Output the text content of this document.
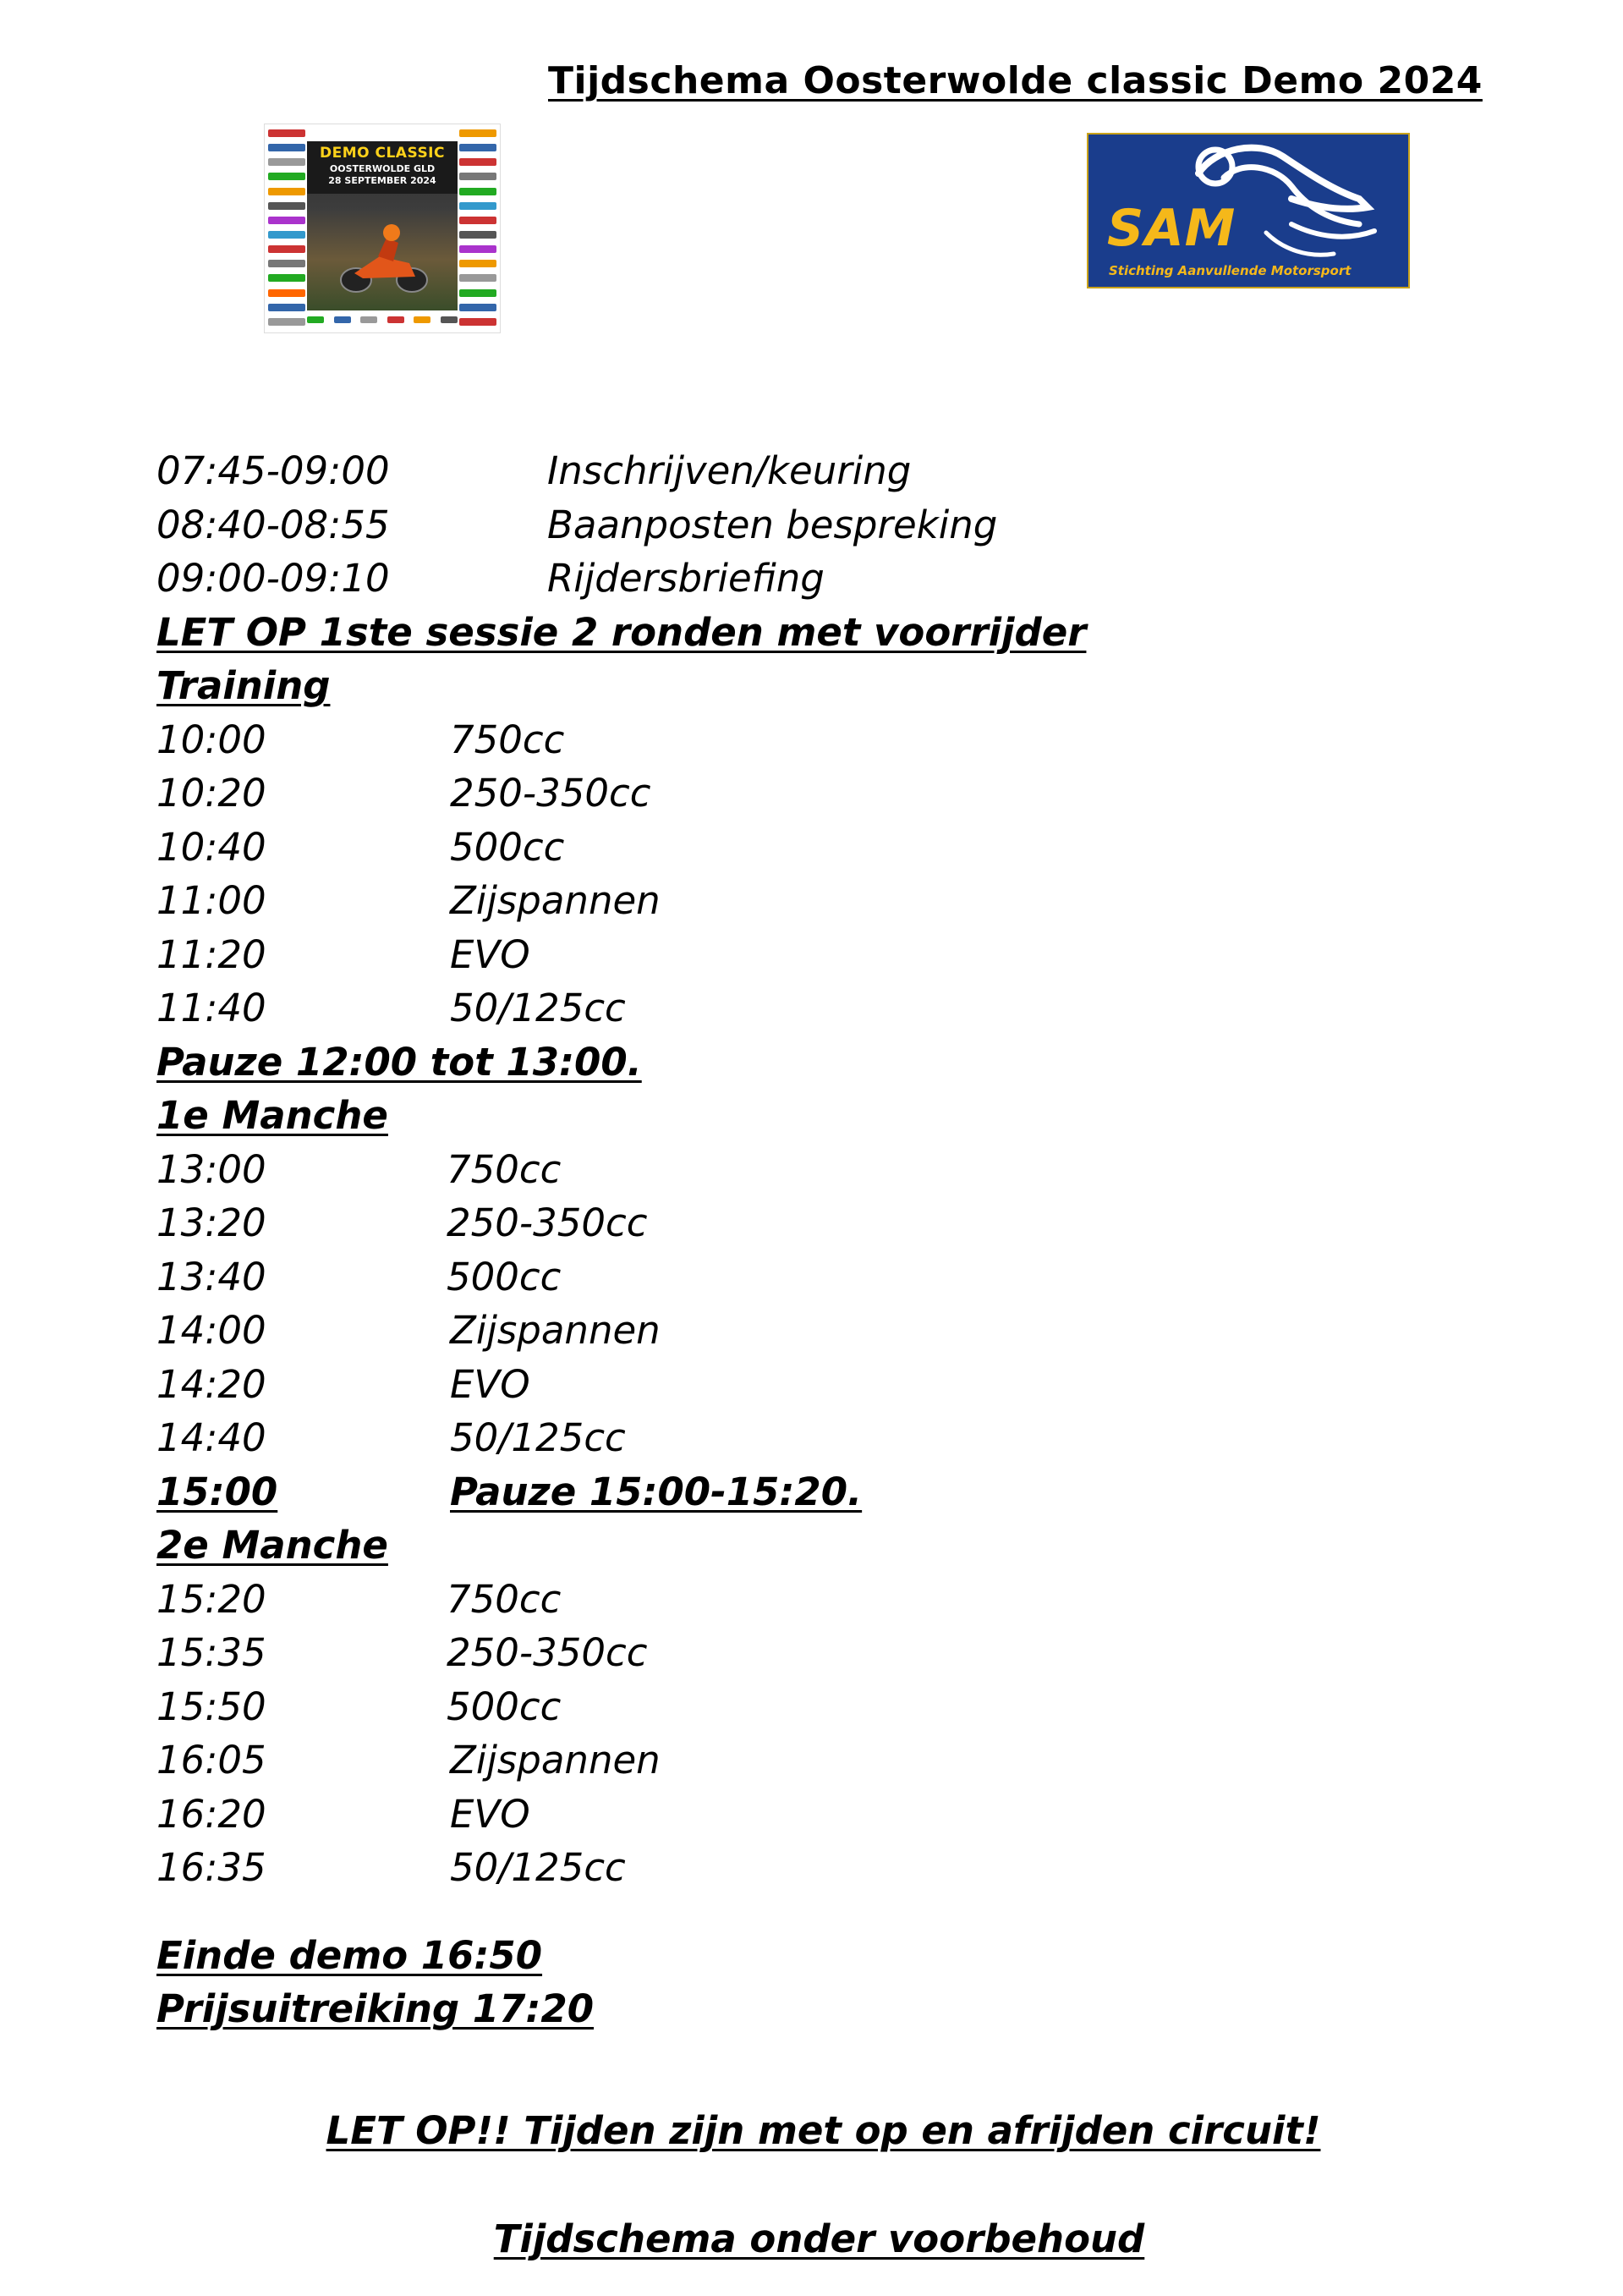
Tijdschema Oosterwolde classic Demo 2024
DEMO CLASSIC
OOSTERWOLDE GLD
28 SEPTEMBER 2024
SAM
Stichting Aanvullende Motorsport
07:45-09:00	Inschrijven/keuring
08:40-08:55	Baanposten bespreking
09:00-09:10	Rijdersbriefing
LET OP 1ste sessie 2 ronden met voorrijder
Training
10:00	750cc
10:20	250-350cc
10:40	500cc
11:00	Zijspannen
11:20	EVO
11:40	50/125cc
Pauze 12:00 tot 13:00.
1e Manche
13:00	750cc
13:20	250-350cc
13:40	500cc
14:00	Zijspannen
14:20	EVO
14:40	50/125cc
15:00	Pauze 15:00-15:20.
2e Manche
15:20	750cc
15:35	250-350cc
15:50	500cc
16:05	Zijspannen
16:20	EVO
16:35	50/125cc
Einde demo 16:50
Prijsuitreiking 17:20
LET OP!! Tijden zijn met op en afrijden circuit!
Tijdschema onder voorbehoud
